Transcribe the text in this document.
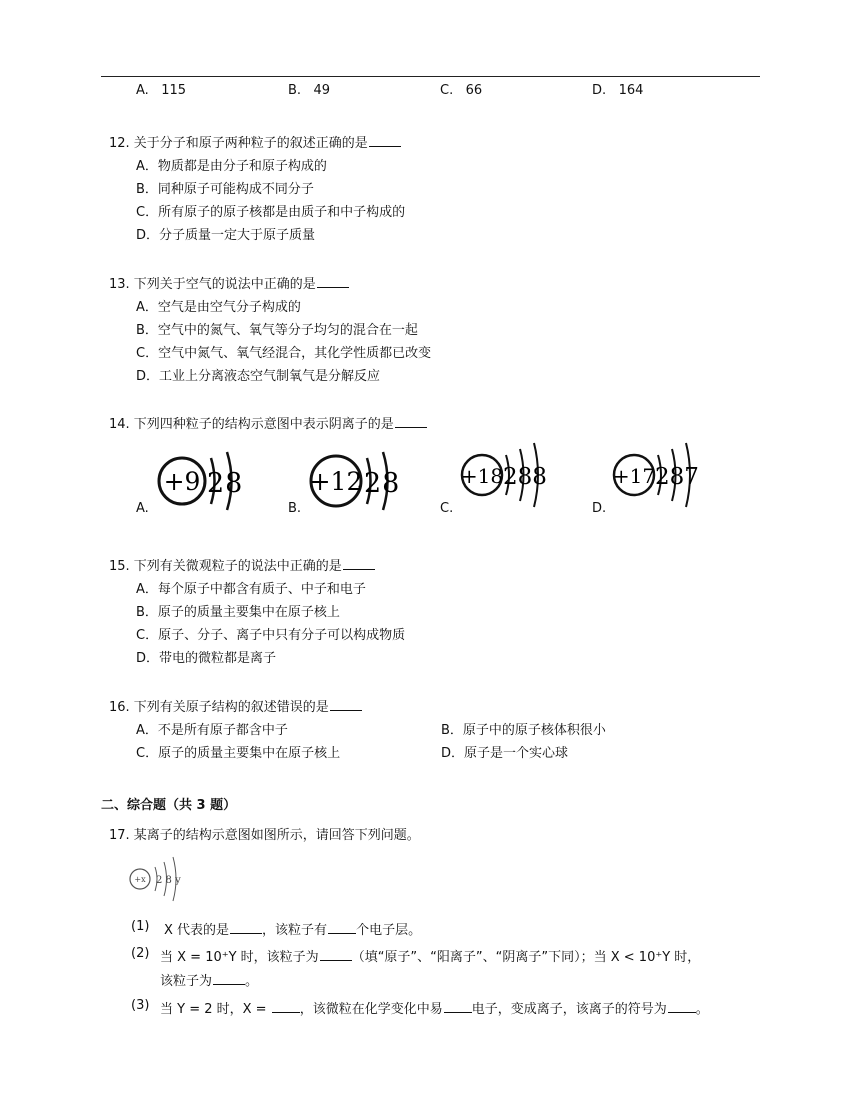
A. 115	B. 49	C. 66	D. 164
12. 关于分子和原子两种粒子的叙述正确的是
A．物质都是由分子和原子构成的
B．同种原子可能构成不同分子
C．所有原子的原子核都是由质子和中子构成的
D．分子质量一定大于原子质量
13. 下列关于空气的说法中正确的是
A．空气是由空气分子构成的
B．空气中的氮气、氧气等分子均匀的混合在一起
C．空气中氮气、氧气经混合，其化学性质都已改变
D．工业上分离液态空气制氧气是分解反应
14. 下列四种粒子的结构示意图中表示阴离子的是
A.	B.	C.	D.
+9 28	+12 28	+18 288	+17 287
15. 下列有关微观粒子的说法中正确的是
A．每个原子中都含有质子、中子和电子
B．原子的质量主要集中在原子核上
C．原子、分子、离子中只有分子可以构成物质
D．带电的微粒都是离子
16. 下列有关原子结构的叙述错误的是
A．不是所有原子都含中子	B．原子中的原子核体积很小
C．原子的质量主要集中在原子核上	D．原子是一个实心球
二、综合题（共 3 题）
17. 某离子的结构示意图如图所示，请回答下列问题。
+x 2 8 y
(1) X 代表的是	，该粒子有 个电子层。
(2) 当 X = 10⁺Y 时，该粒子为	（填“原子”、“阳离子”、“阴离子”下同）；当 X < 10⁺Y 时，
该粒子为	。
(3) 当 Y = 2 时，X = ，该微粒在化学变化中易 电子，变成离子，该离子的符号为 。
